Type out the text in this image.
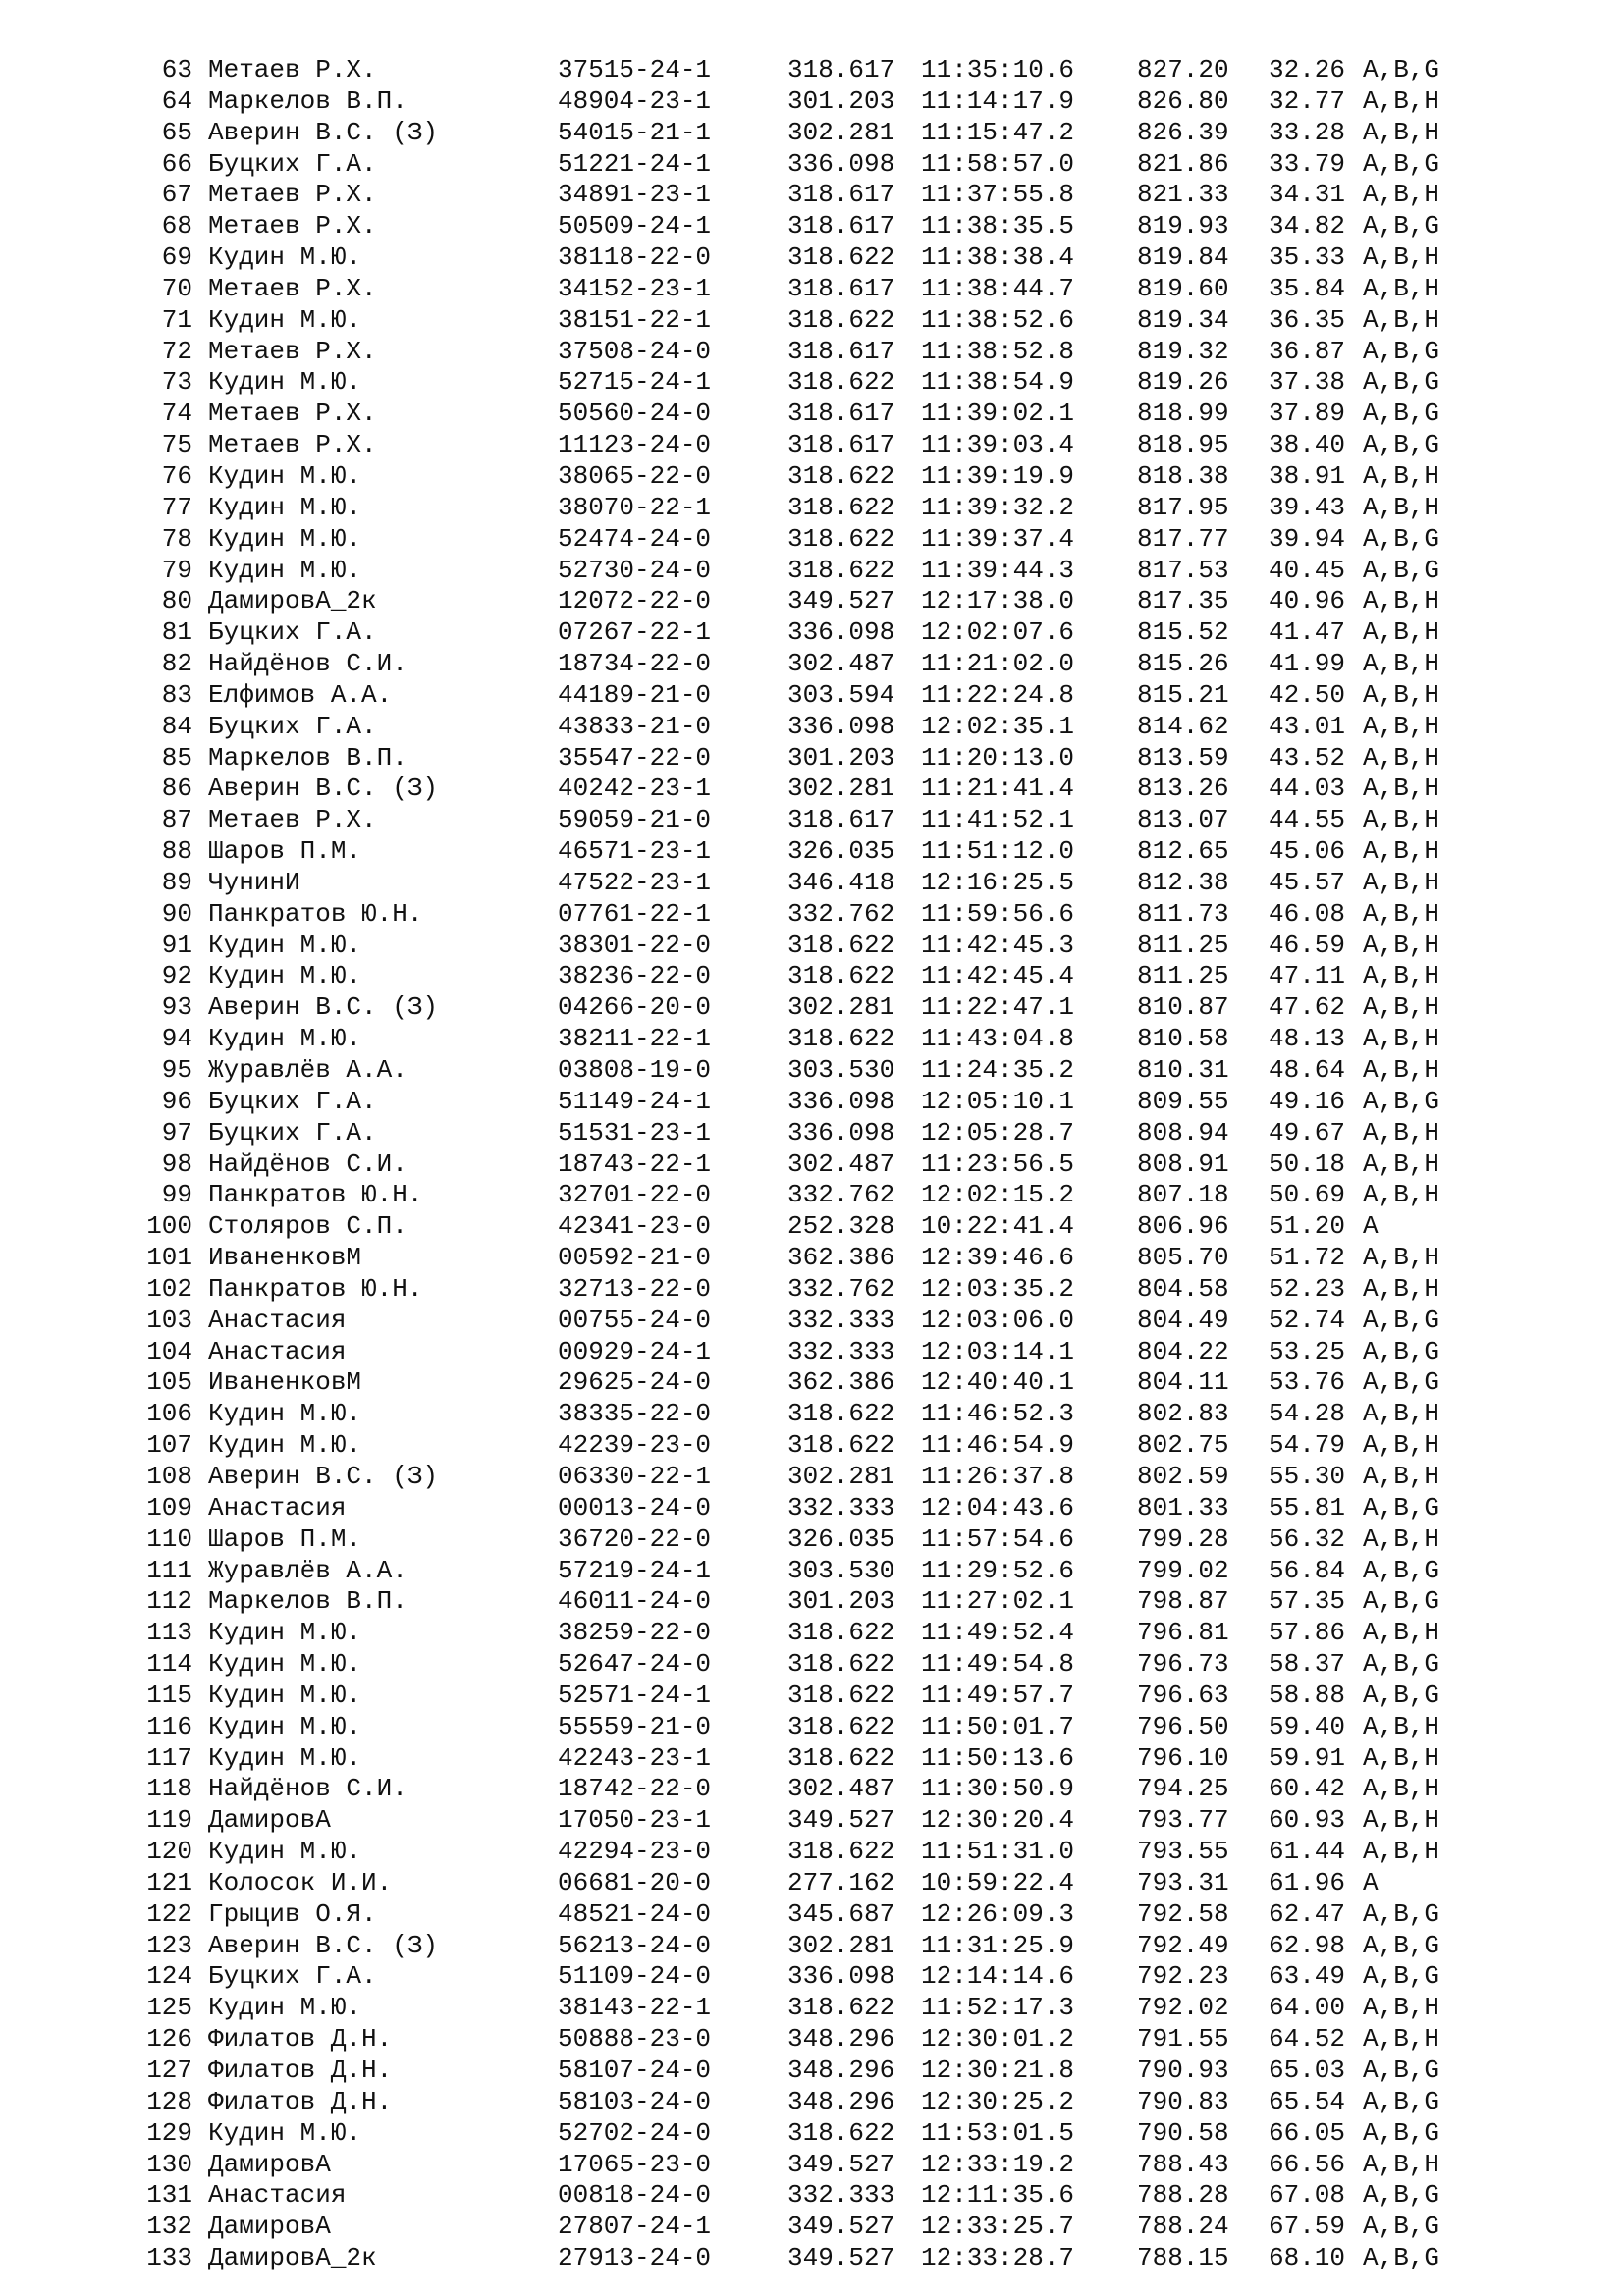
63 Метаев Р.Х.	37515-24-1	318.617 11:35:10.6 827.20 32.26 A,B,G
64 Маркелов В.П.	48904-23-1	301.203 11:14:17.9 826.80 32.77 A,B,H
65 Аверин В.С. (З)	54015-21-1	302.281 11:15:47.2 826.39 33.28 A,B,H
66 Буцких Г.А.	51221-24-1	336.098 11:58:57.0 821.86 33.79 A,B,G
67 Метаев Р.Х.	34891-23-1	318.617 11:37:55.8 821.33 34.31 A,B,H
68 Метаев Р.Х.	50509-24-1	318.617 11:38:35.5 819.93 34.82 A,B,G
69 Кудин М.Ю.	38118-22-0	318.622 11:38:38.4 819.84 35.33 A,B,H
70 Метаев Р.Х.	34152-23-1	318.617 11:38:44.7 819.60 35.84 A,B,H
71 Кудин М.Ю.	38151-22-1	318.622 11:38:52.6 819.34 36.35 A,B,H
72 Метаев Р.Х.	37508-24-0	318.617 11:38:52.8 819.32 36.87 A,B,G
73 Кудин М.Ю.	52715-24-1	318.622 11:38:54.9 819.26 37.38 A,B,G
74 Метаев Р.Х.	50560-24-0	318.617 11:39:02.1 818.99 37.89 A,B,G
75 Метаев Р.Х.	11123-24-0	318.617 11:39:03.4 818.95 38.40 A,B,G
76 Кудин М.Ю.	38065-22-0	318.622 11:39:19.9 818.38 38.91 A,B,H
77 Кудин М.Ю.	38070-22-1	318.622 11:39:32.2 817.95 39.43 A,B,H
78 Кудин М.Ю.	52474-24-0	318.622 11:39:37.4 817.77 39.94 A,B,G
79 Кудин М.Ю.	52730-24-0	318.622 11:39:44.3 817.53 40.45 A,B,G
80 ДамировА_2к	12072-22-0	349.527 12:17:38.0 817.35 40.96 A,B,H
81 Буцких Г.А.	07267-22-1	336.098 12:02:07.6 815.52 41.47 A,B,H
82 Найдёнов С.И.	18734-22-0	302.487 11:21:02.0 815.26 41.99 A,B,H
83 Елфимов А.А.	44189-21-0	303.594 11:22:24.8 815.21 42.50 A,B,H
84 Буцких Г.А.	43833-21-0	336.098 12:02:35.1 814.62 43.01 A,B,H
85 Маркелов В.П.	35547-22-0	301.203 11:20:13.0 813.59 43.52 A,B,H
86 Аверин В.С. (З)	40242-23-1	302.281 11:21:41.4 813.26 44.03 A,B,H
87 Метаев Р.Х.	59059-21-0	318.617 11:41:52.1 813.07 44.55 A,B,H
88 Шаров П.М.	46571-23-1	326.035 11:51:12.0 812.65 45.06 A,B,H
89 ЧунинИ	47522-23-1	346.418 12:16:25.5 812.38 45.57 A,B,H
90 Панкратов Ю.Н.	07761-22-1	332.762 11:59:56.6 811.73 46.08 A,B,H
91 Кудин М.Ю.	38301-22-0	318.622 11:42:45.3 811.25 46.59 A,B,H
92 Кудин М.Ю.	38236-22-0	318.622 11:42:45.4 811.25 47.11 A,B,H
93 Аверин В.С. (З)	04266-20-0	302.281 11:22:47.1 810.87 47.62 A,B,H
94 Кудин М.Ю.	38211-22-1	318.622 11:43:04.8 810.58 48.13 A,B,H
95 Журавлёв А.А.	03808-19-0	303.530 11:24:35.2 810.31 48.64 A,B,H
96 Буцких Г.А.	51149-24-1	336.098 12:05:10.1 809.55 49.16 A,B,G
97 Буцких Г.А.	51531-23-1	336.098 12:05:28.7 808.94 49.67 A,B,H
98 Найдёнов С.И.	18743-22-1	302.487 11:23:56.5 808.91 50.18 A,B,H
99 Панкратов Ю.Н.	32701-22-0	332.762 12:02:15.2 807.18 50.69 A,B,H
100 Столяров С.П.	42341-23-0	252.328 10:22:41.4 806.96 51.20 A
101 ИваненковМ	00592-21-0	362.386 12:39:46.6 805.70 51.72 A,B,H
102 Панкратов Ю.Н.	32713-22-0	332.762 12:03:35.2 804.58 52.23 A,B,H
103 Анастасия	00755-24-0	332.333 12:03:06.0 804.49 52.74 A,B,G
104 Анастасия	00929-24-1	332.333 12:03:14.1 804.22 53.25 A,B,G
105 ИваненковМ	29625-24-0	362.386 12:40:40.1 804.11 53.76 A,B,G
106 Кудин М.Ю.	38335-22-0	318.622 11:46:52.3 802.83 54.28 A,B,H
107 Кудин М.Ю.	42239-23-0	318.622 11:46:54.9 802.75 54.79 A,B,H
108 Аверин В.С. (З)	06330-22-1	302.281 11:26:37.8 802.59 55.30 A,B,H
109 Анастасия	00013-24-0	332.333 12:04:43.6 801.33 55.81 A,B,G
110 Шаров П.М.	36720-22-0	326.035 11:57:54.6 799.28 56.32 A,B,H
111 Журавлёв А.А.	57219-24-1	303.530 11:29:52.6 799.02 56.84 A,B,G
112 Маркелов В.П.	46011-24-0	301.203 11:27:02.1 798.87 57.35 A,B,G
113 Кудин М.Ю.	38259-22-0	318.622 11:49:52.4 796.81 57.86 A,B,H
114 Кудин М.Ю.	52647-24-0	318.622 11:49:54.8 796.73 58.37 A,B,G
115 Кудин М.Ю.	52571-24-1	318.622 11:49:57.7 796.63 58.88 A,B,G
116 Кудин М.Ю.	55559-21-0	318.622 11:50:01.7 796.50 59.40 A,B,H
117 Кудин М.Ю.	42243-23-1	318.622 11:50:13.6 796.10 59.91 A,B,H
118 Найдёнов С.И.	18742-22-0	302.487 11:30:50.9 794.25 60.42 A,B,H
119 ДамировА	17050-23-1	349.527 12:30:20.4 793.77 60.93 A,B,H
120 Кудин М.Ю.	42294-23-0	318.622 11:51:31.0 793.55 61.44 A,B,H
121 Колосок И.И.	06681-20-0	277.162 10:59:22.4 793.31 61.96 A
122 Грыцив О.Я.	48521-24-0	345.687 12:26:09.3 792.58 62.47 A,B,G
123 Аверин В.С. (З)	56213-24-0	302.281 11:31:25.9 792.49 62.98 A,B,G
124 Буцких Г.А.	51109-24-0	336.098 12:14:14.6 792.23 63.49 A,B,G
125 Кудин М.Ю.	38143-22-1	318.622 11:52:17.3 792.02 64.00 A,B,H
126 Филатов Д.Н.	50888-23-0	348.296 12:30:01.2 791.55 64.52 A,B,H
127 Филатов Д.Н.	58107-24-0	348.296 12:30:21.8 790.93 65.03 A,B,G
128 Филатов Д.Н.	58103-24-0	348.296 12:30:25.2 790.83 65.54 A,B,G
129 Кудин М.Ю.	52702-24-0	318.622 11:53:01.5 790.58 66.05 A,B,G
130 ДамировА	17065-23-0	349.527 12:33:19.2 788.43 66.56 A,B,H
131 Анастасия	00818-24-0	332.333 12:11:35.6 788.28 67.08 A,B,G
132 ДамировА	27807-24-1	349.527 12:33:25.7 788.24 67.59 A,B,G
133 ДамировА_2к	27913-24-0	349.527 12:33:28.7 788.15 68.10 A,B,G
